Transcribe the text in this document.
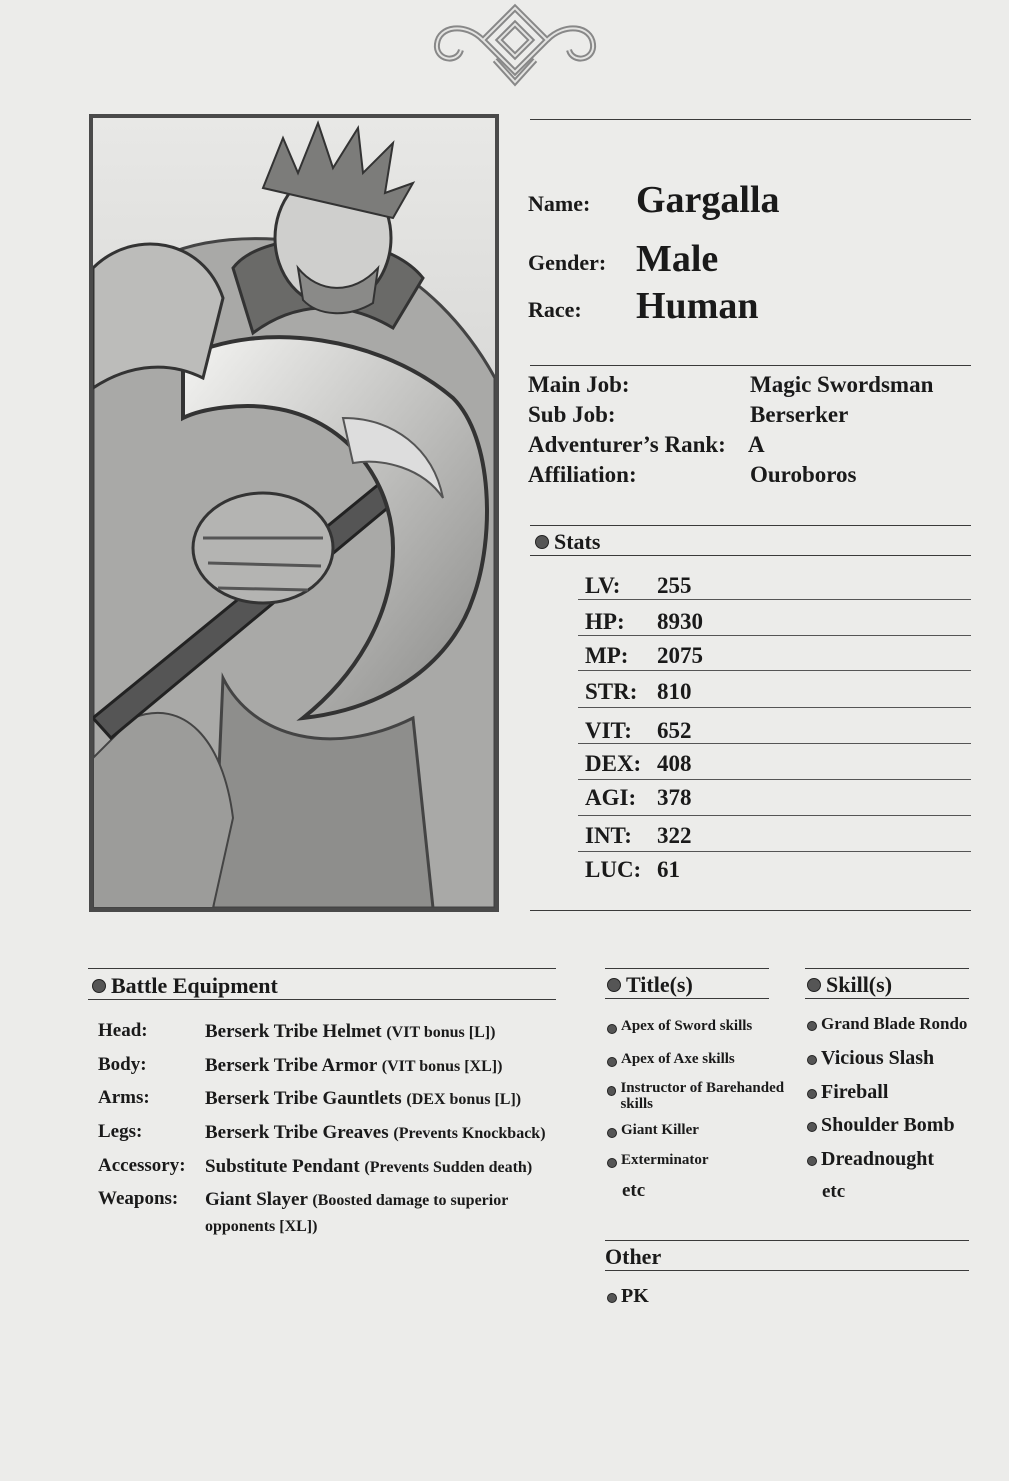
Name: Gargalla
Gender: Male
Race: Human
Main Job:	Magic Swordsman
Sub Job:	Berserker
Adventurer’s Rank: A
Affiliation:	Ouroboros
Stats
LV: 255
HP: 8930
MP: 2075
STR: 810
VIT: 652
DEX: 408
AGI: 378
INT: 322
LUC: 61
Battle Equipment
Head:	Berserk Tribe Helmet (VIT bonus [L])
Body:	Berserk Tribe Armor (VIT bonus [XL])
Arms:	Berserk Tribe Gauntlets (DEX bonus [L])
Legs:	Berserk Tribe Greaves (Prevents Knockback)
Accessory: Substitute Pendant (Prevents Sudden death)
Weapons: Giant Slayer (Boosted damage to superior opponents [XL])
Title(s)
Apex of Sword skills
Apex of Axe skills
Instructor of Barehanded skills
Giant Killer
Exterminator
etc
Skill(s)
Grand Blade Rondo
Vicious Slash
Fireball
Shoulder Bomb
Dreadnought
etc
Other
PK
